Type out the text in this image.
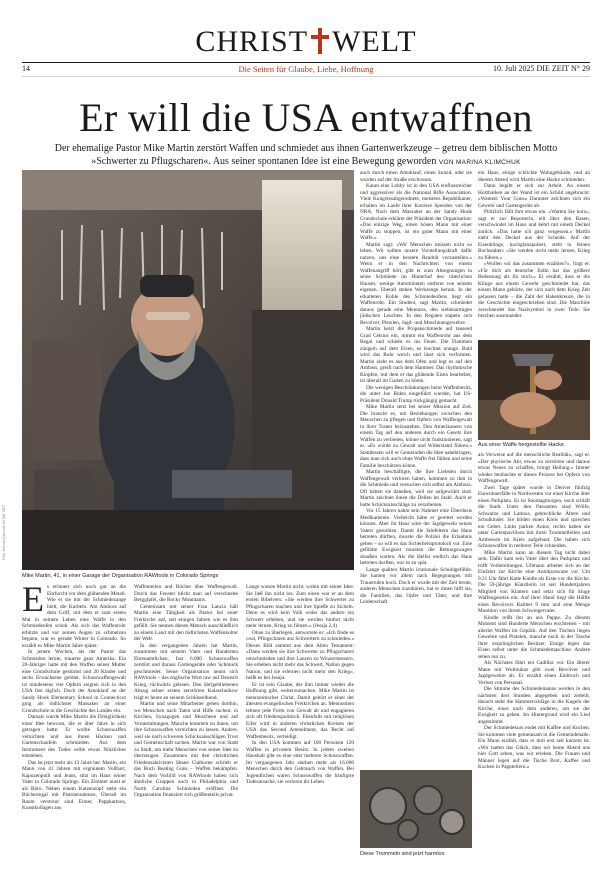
CHRIST WELT
14	Die Seiten für Glaube, Liebe, Hoffnung	10. Juli 2025 DIE ZEIT N° 29
Er will die USA entwaffnen
Der ehemalige Pastor Mike Martin zerstört Waffen und schmiedet aus ihnen Gartenwerkzeuge – getreu dem biblischen Motto »Schwerter zu Pflugscharen«. Aus seiner spontanen Idee ist eine Bewegung geworden VON MARINA KLIMCHUK
Mike Martin, 41, in einer Garage der Organisation RAWtools in Colorado Springs
Foto: Marina Klimchuk für DIE ZEIT

auch durch einen Amoklauf, einen Suizid, oder sie wurden auf der Straße erschossen.

Kaum eine Lobby ist in den USA einflussreicher und aggressiver als die National Rifle Association. Viele Kongressabgeordnete, meistens Republikaner, erhalten im Laufe ihrer Karriere Spenden von der NRA. Nach dem Massaker an der Sandy Hook Grundschule erklärte der Präsident der Organisation: »Das einzige Weg, einen bösen Mann mit einer Waffe zu stoppen, ist ein guter Mann mit einer Waffe.«

Martin sagt: »Wir Menschen müssen nicht so leben. Wir sollten unsere Vorstellungskraft dafür nutzen, uns eine bessere Realität vorzustellen.« Wenn er in den Nachrichten von einem Waffenangriff hört, gibt er zum Absegnungen in seine Schmiede im Hinterhof des väterlichen Hauses, wenige Autominuten entfernt von seinem eigenen. Überall stehen Werkzeuge herum. In der erkalteten Kohle des Schmiedeofens liegt ein Waffenrohr. Ein Student, sagt Martin, schmiedet daraus gerade eine Mennora, den siebenarmigen jüdischen Leuchter. In den Regalen stapeln sich Revolver, Pistolen, Jagd- und Maschinengewehre.

Martin heizt die Propanschmiede auf tausend Grad Celsius ein, nimmt ein Waffenrohr aus dem Regal und schiebt es ins Feuer. Die Flammen züngeln auf dem Eisen, es leuchtet orange. Bald wird das Rohr weich und lässt sich verformen. Martin zieht es aus dem Ofen und legt es auf den Amboss, greift nach dem Hammer. Das rhythmische Klopfen, mit dem er das glühende Eisen bearbeitet, ist überall im Garten zu hören.

Die wenigen Beschränkungen beim Waffenbesitz, die unter Joe Biden eingeführt wurden, hat US-Präsident Donald Trump rückgängig gemacht.

Mike Martin setzt bei seiner Mission auf Zeit. Die braucht es, um Beziehungen zwischen den Menschen zu pflegen und Opfern von Waffengewalt in ihrer Trauer beizustehen. Den Amerikanern von einem Tag auf den anderen durch ein Gesetz ihre Waffen zu verbieten, könne nicht funktionieren, sagt er. »Es würde zu Gewalt und Widerstand führen.« Stattdessen will er Gemeinden die Idee nahebringen, dass man sich auch ohne Waffe frei fühlen und seine Familie beschützen könne.

Martin beschäftigte, die ihre Liebsten durch Waffengewalt verloren haben, kommen zu ihm in die Schmiede und versuchen sich selbst am Amboss. Oft hätten sie daneben, weil sie aufgewühlt sind. Martin zeichnet ihnen die Dellen im Stahl. Auch er hatte Schicksalsschläge zu verarbeiten.

Vor 15 Jahren nahm sein Nahmer eine Überdosis Medikamente. Vielleicht hätte er gerettet werden können. Aber ihr Haus wäre der Jagdgewehr seines Vaters gestohlen. Damit die Stiefeltern das Haus betreten dürften, musste die Polizei die Erlaubnis geben – so will es das Sicherheitsprotokoll vor. Eine gefühlte Ewigkeit mussten die Rettungswagen draußen warten. Als die Helfer endlich das Haus betreten durften, war es zu spät.

Lange quälten Martin irrationale Schuldgefühle. Sie kamen vor allem nach Begegnungen mit Trauernden hoch. Doch er wurde mit der Zeit lernte, anderen Menschen zuzuhören, hat er ihnen hilft sie, die Familien, das Opfer und Täter, und ihre Leidenschaft.

ein Haus, einige schlichte Wohngebäude, und an diesem Abend wird Martin eine Hacke schmieden.

Dann begibt er sich zur Arbeit. An einem Holzbalken an der Wand ist ein Schild angebracht: »Wanted: Your Guns« Darunter zeichnen sich ein Gewehr und Gartengeräte ab.

Plötzlich fällt ihm etwas ein. »Warten Sie kurz«, sagt er zur Reporterin, eilt über den Rasen, verschwindet im Haus und kehrt mit einem Deckel zurück. »Das hatte ich ganz vergessen.« Martin zieht den Deckel aus der Scheide. Auf der Eisenklinge, hochglanzpoliert, steht in feinen Buchstaben: »Sie werden nicht mehr lernen, Krieg zu führen.«

»Wollen wir das zusammen erzählen?«, fragt er. »Für dich als deutsche Jüdin hat das größere Bedeutung als für mich.« Er erzählt, dass er die Klinge aus einem Gewehr geschmiedet hat, das einem Mann gehörte, der sich nach dem Krieg Zeit gelassen hatte – die Zahl der Hakenkreuze, die in die Geschichte eingeschrieben sind. Die Maschine zerschneidet das Nazisymbol in zwei Teile. Sie brechen auseinander.

Aus einer Waffe hergestellte Hacke

als Verweise auf die menschliche Realität«, sagt er. »Der physische Akt, etwas zu zerstören und daraus etwas Neues zu schaffen, bringt Heilung.« Immer wieder beobachte er dieses Prozess bei Opfern von Waffengewalt.

Zwei Tage später wurde in Denver fünfzig Einwohnerfälle in Nordwesten vor einer Kirche über einen Parkplatz. Es ist Sonntagmorgen, noch schläft die Stadt. Unter den Passanten sind Wölfe, Schwarze und Latinos, gebrechliche Ältere und Schulkinder. Sie bilden einen Kreis und sprechen ein Gebet. Links parken Autos, rechts haben sie unter Gartenpavillons mit ihren Trommelfellen und Ambossen im Kreis aufgebaut. Die haben sich Schusswaffen in mehrere Teile schneiden.

Mike Martin kann an diesem Tag nicht dabei sein. Dafür kam sein Vater über den Parkplatz und trifft Vorbereitungen. Ullmann arbeitet sich an der Einfahrt zur Kirche eine Autokarawane vor. Um 9.21 Uhr fährt Katie Kindle als Erste vor die Kirche. Die 59-jährige Künstlerin ist seit Hundertjahren Mitglied von Klattern und setzt sich für kluge Waffengesetze ein. Auf ihrer Hand liegt die Hälfte eines Revolvers Kaliber 9 mm und eine Menge Munition von ihrem Schwiegervater.

Kindle reißt ihn an aus Pappe. Zu diesem Moment sind Hunderte Menschen erschienen – mit allerlei Waffen im Gepäck. Auf den Tischen liegen Gewehre und Pistolen, manche noch in der Tasche ihrer ursprünglichen Besitzer. Einige legen das Eisen selbst unter die Schmiedemaschine. Andere sehen nur zu.

Als Nächstes führt ein Cadillac vor. Ein älterer Mann mit Wollmütze gibt zwei Revolver und Jagdgewehre ab. Er erzählt einen Einbruch und Verlust von Personal.

Die Stimme des Schmiedemanns werden in den nächsten drei Stunden abgegeben und zerteilt, danach steht die Hammerschläge in die Kugeln der Kirche, eines nach dem anderen, um sie der Ewigkeit zu geben. Im Hintergrund wird ein Lied angestimmt.

Der Schmiedekurs endet mit Kaffee und Kuchen. Sie kommen viele gemeinsam in die Gemeindehalle. Ein Mann erzählt, dass er dort erst seit kurzem ist. »Wir hatten das Glück, dass wir heute Abend uns hier Gott sehen, was wir erleben. Die Frauen und Männer legen auf die Tische Brot, Kaffee und Kuchen in Papptellern.«

Es erinnert sich noch gut an die Ehrfurcht vor dem glühenden Metall. Wie er sie mit der Schmiedezange hielt, die Kurbeln. Am Amboss auf dem Griff, mit dem er zum ersten Mal in seinem Leben eine Waffe in den Schmiedeofen schob. Als sich das Waffenrohr erhitzte und vor seinen Augen zu schmelzen begann, war es gerade Winter in Colorado. So erzählt es Mike Martin Jahre später.

In jenem Wochen, als der Pastor das Schmieden lernte, trauerte ganz Amerika. Ein 20-Jähriger hatte mit den Waffen seiner Mutter eine Grundschule gestürmt und 20 Kinder und sechs Erwachsene getötet. Schusswaffengewalt ist mindestens vier Opfern zeigten sich in den USA fast täglich. Doch der Amoklauf an der Sandy Hook Elementary School in Connecticut ging als tödlichster Massaker an einer Grundschule in die Geschichte des Landes ein.

Damals wurde Mike Martin die Dringlichkeit einer Idee bewusst, die er über Jahre in sich getragen hatte: Er wollte Schusswaffen vernichten und aus ihnen Hacken und Gartenschaufeln schmieden. Aus dem Instrument des Todes sollte etwas Nützliches entstehen.

Das ist jetzt mehr als 13 Jahre her. Martin, ein Mann von 41 Jahren mit ergrautem Vollbart, Kapuzenpulli und Jeans, sitzt im Haus seiner Vater in Colorado Springs. Ein Zimmer nutzt er als Büro. Neben einem Katzenzopf steht ein Bücherregal mit Pistolenrahmen, Überall im Raum verstreut sind Eimer, Pappkartons, Kunstkollagen aus

Waffenteilen und Bücher über Waffengewalt. Durch das Fenster blickt man auf verschneite Berggipfel, die Rocky Mountains.

Gemeinsam mit seiner Frau Lancia hält Martin eine Tätigkeit als Pastor bei einer Freikirche auf, seit einigen Jahren wie es ihm gefällt. Sie nennen diesen Mensch ausschließlich zu einem Land mit den tödlichsten Waffenkultur der Welt.

In den vergangenen Jahren hat Martin, zusammen mit seinem Vater und Hunderten Ehrenamtlichen, fast 6.000 Schusswaffen zerstört und daraus Gartengeräte oder Schmuck geschmiedet. Seine Organisation nennt sich RAWtools – das englische Wort raw auf Deutsch Krieg, rückwärts gelesen. Den übrigebliebenen Abzug seiner ersten zerstörten Kalaschnikow trägt er heute an seinem Schlüsselbund.

Martin und seine Mitarbeiter gehen dorthin, wo Menschen nach Taten und Hilfe suchen: in Kirchen, Synagogen und Moscheen und auf Veranstaltungen. Manche kommen zu ihnen, um ihre Schusswaffen vernichten zu lassen. Andere, weil sie nach schweren Schicksalsschlägen Trost und Gemeinschaft suchen. Martin war von Stadt zu Stadt, um mehr Menschen von seiner Idee zu überzeugen. Zusammen mit den christlichen Friedensaktivisten Shane Claiborne schrieb er das Buch Beating Guns – Waffen bekämpfen. Nach dem Vorbild von RAWtools haben sich ähnliche Gruppen auch in Philadelphia und North Carolina Schmieden eröffnet. Die Organisation finanziert sich größtenteils privat.

Lange wusste Martin nicht, wohin mit seiner Idee. Sie ließ ihn nicht los. Zum einen war er an dem ersten Bibelvers: »Sie werden ihre Schwerter zu Pflugscharen machen und ihre Spieße zu Sicheln. Denn es wird kein Volk wider das andere ein Schwert erheben, und sie werden hinfort nicht mehr lernen, Krieg zu führen.« (Jesaja 2,4)

Ohne zu überlegen, antwortete er: »Ich finde es cool, Pflugscharen aus Schwertern zu schmieden.« Dieses Bild stammt aus dem Alten Testament: »Dann werden sie ihre Schwerter zu Pflugscharen umschmieden und ihre Lanzen zu Winzermessern. Sie erheben nicht mehr das Schwert, Nation gegen Nation, und sie erlernen nicht mehr den Krieg«, heißt es bei Jesaja.

Er ist sein Glaube, der ihm immer wieder die Hoffnung gibt, weiterzumachen. Mike Martin ist mennonitischer Christ. Damit gehört er einer der ältesten evangelischen Freikirchen an. Mennoniten lehnen jede Form von Gewalt ab und engagieren sich oft friedenspolitisch. Ebenfalls mit religiösen Eifer wird in anderen christlichen Kreisen der USA das Second Amendment, das Recht auf Waffenbesitz, verteidigt.

In den USA kommen auf 100 Personen 120 Waffen in privatem Besitz. In jedem zweiten Haushalt gibt es eine oder mehrere Schusswaffen. Im vergangenen Jahr starben mehr als 16.000 Menschen durch den Gebrauch von Waffen. Bei Jugendlichen waren Schusswaffen die häufigste Todesursache, sie verloren ihr Leben

Diese Trommeln sind jetzt harmlos
